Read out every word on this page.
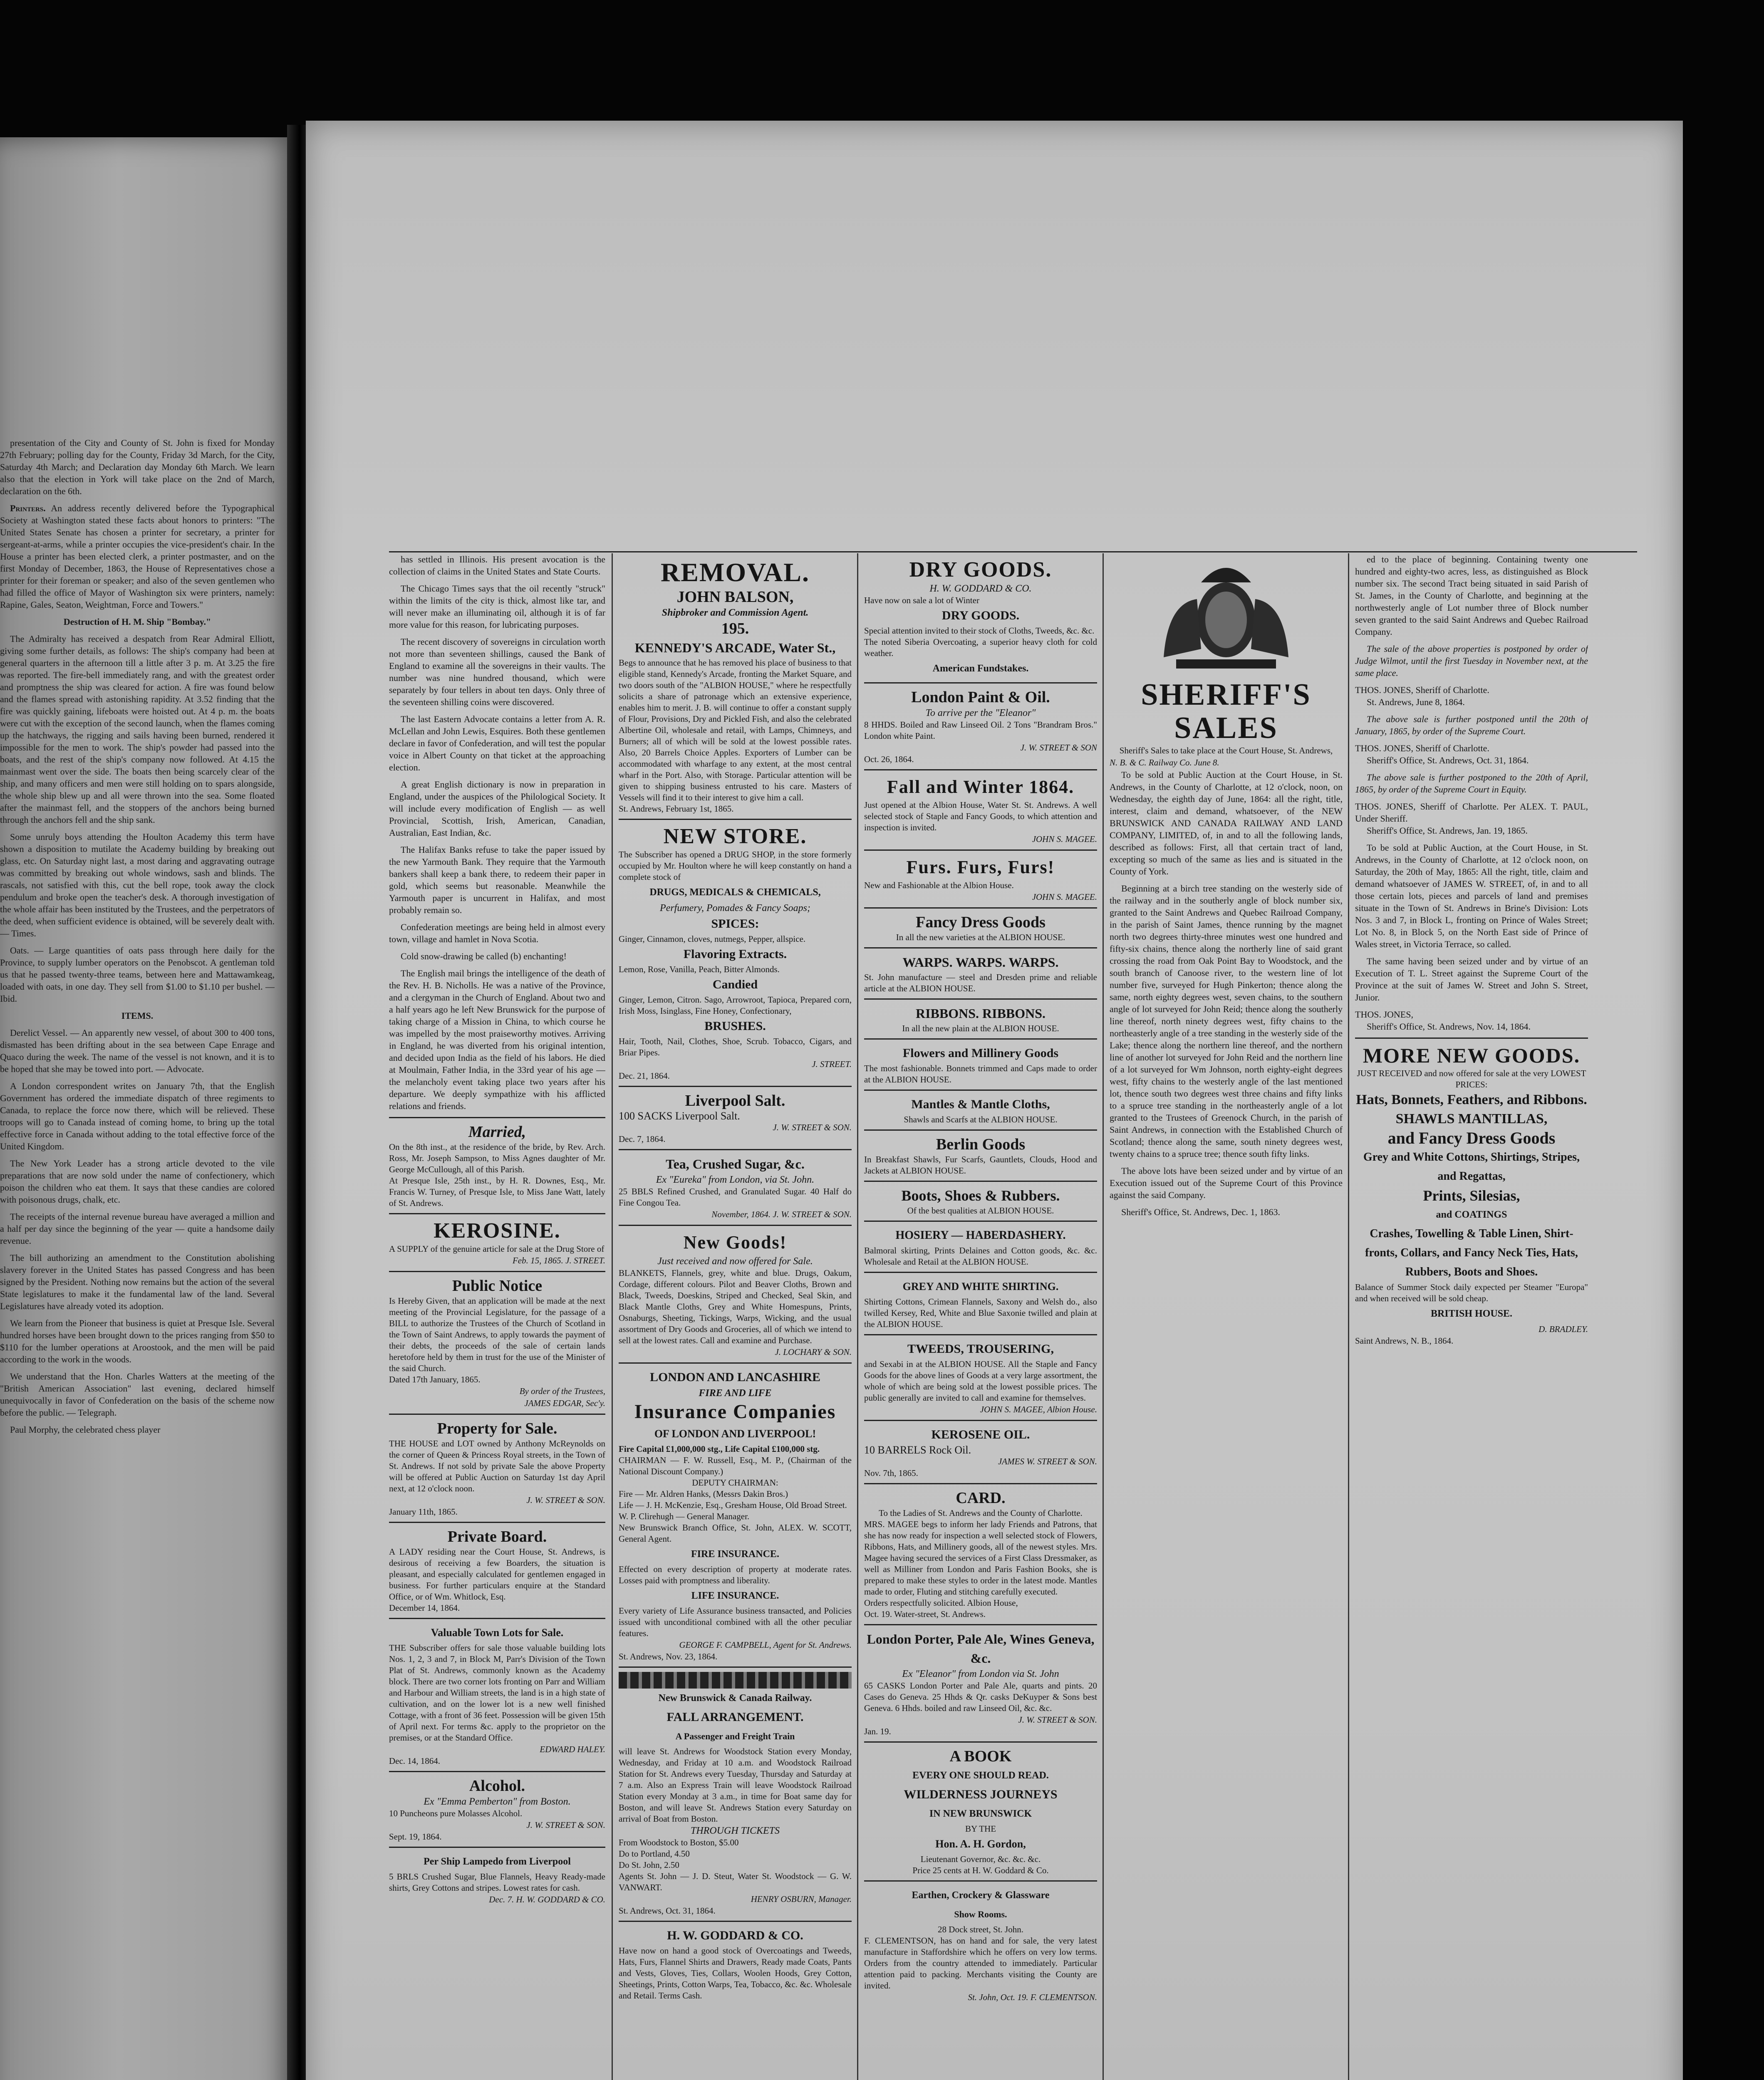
presentation of the City and County of St. John is fixed for Monday 27th February; polling day for the County, Friday 3d March, for the City, Saturday 4th March; and Declaration day Monday 6th March. We learn also that the election in York will take place on the 2nd of March, declaration on the 6th.

Printers. An address recently delivered before the Typographical Society at Washington stated these facts about honors to printers: "The United States Senate has chosen a printer for secretary, a printer for sergeant-at-arms, while a printer occupies the vice-president's chair. In the House a printer has been elected clerk, a printer postmaster, and on the first Monday of December, 1863, the House of Representatives chose a printer for their foreman or speaker; and also of the seven gentlemen who had filled the office of Mayor of Washington six were printers, namely: Rapine, Gales, Seaton, Weightman, Force and Towers."

Destruction of H. M. Ship "Bombay."

The Admiralty has received a despatch from Rear Admiral Elliott, giving some further details, as follows: The ship's company had been at general quarters in the afternoon till a little after 3 p. m. At 3.25 the fire was reported. The fire-bell immediately rang, and with the greatest order and promptness the ship was cleared for action. A fire was found below and the flames spread with astonishing rapidity. At 3.52 finding that the fire was quickly gaining, lifeboats were hoisted out. At 4 p. m. the boats were cut with the exception of the second launch, when the flames coming up the hatchways, the rigging and sails having been burned, rendered it impossible for the men to work. The ship's powder had passed into the boats, and the rest of the ship's company now followed. At 4.15 the mainmast went over the side. The boats then being scarcely clear of the ship, and many officers and men were still holding on to spars alongside, the whole ship blew up and all were thrown into the sea. Some floated after the mainmast fell, and the stoppers of the anchors being burned through the anchors fell and the ship sank.

Some unruly boys attending the Houlton Academy this term have shown a disposition to mutilate the Academy building by breaking out glass, etc. On Saturday night last, a most daring and aggravating outrage was committed by breaking out whole windows, sash and blinds. The rascals, not satisfied with this, cut the bell rope, took away the clock pendulum and broke open the teacher's desk. A thorough investigation of the whole affair has been instituted by the Trustees, and the perpetrators of the deed, when sufficient evidence is obtained, will be severely dealt with. — Times.

Oats. — Large quantities of oats pass through here daily for the Province, to supply lumber operators on the Penobscot. A gentleman told us that he passed twenty-three teams, between here and Mattawamkeag, loaded with oats, in one day. They sell from $1.00 to $1.10 per bushel. — Ibid.

ITEMS.

Derelict Vessel. — An apparently new vessel, of about 300 to 400 tons, dismasted has been drifting about in the sea between Cape Enrage and Quaco during the week. The name of the vessel is not known, and it is to be hoped that she may be towed into port. — Advocate.

A London correspondent writes on January 7th, that the English Government has ordered the immediate dispatch of three regiments to Canada, to replace the force now there, which will be relieved. These troops will go to Canada instead of coming home, to bring up the total effective force in Canada without adding to the total effective force of the United Kingdom.

The New York Leader has a strong article devoted to the vile preparations that are now sold under the name of confectionery, which poison the children who eat them. It says that these candies are colored with poisonous drugs, chalk, etc.

The receipts of the internal revenue bureau have averaged a million and a half per day since the beginning of the year — quite a handsome daily revenue.

The bill authorizing an amendment to the Constitution abolishing slavery forever in the United States has passed Congress and has been signed by the President. Nothing now remains but the action of the several State legislatures to make it the fundamental law of the land. Several Legislatures have already voted its adoption.

We learn from the Pioneer that business is quiet at Presque Isle. Several hundred horses have been brought down to the prices ranging from $50 to $110 for the lumber operations at Aroostook, and the men will be paid according to the work in the woods.

We understand that the Hon. Charles Watters at the meeting of the "British American Association" last evening, declared himself unequivocally in favor of Confederation on the basis of the scheme now before the public. — Telegraph.

Paul Morphy, the celebrated chess player

has settled in Illinois. His present avocation is the collection of claims in the United States and State Courts.

The Chicago Times says that the oil recently "struck" within the limits of the city is thick, almost like tar, and will never make an illuminating oil, although it is of far more value for this reason, for lubricating purposes.

The recent discovery of sovereigns in circulation worth not more than seventeen shillings, caused the Bank of England to examine all the sovereigns in their vaults. The number was nine hundred thousand, which were separately by four tellers in about ten days. Only three of the seventeen shilling coins were discovered.

The last Eastern Advocate contains a letter from A. R. McLellan and John Lewis, Esquires. Both these gentlemen declare in favor of Confederation, and will test the popular voice in Albert County on that ticket at the approaching election.

A great English dictionary is now in preparation in England, under the auspices of the Philological Society. It will include every modification of English — as well Provincial, Scottish, Irish, American, Canadian, Australian, East Indian, &c.

The Halifax Banks refuse to take the paper issued by the new Yarmouth Bank. They require that the Yarmouth bankers shall keep a bank there, to redeem their paper in gold, which seems but reasonable. Meanwhile the Yarmouth paper is uncurrent in Halifax, and most probably remain so.

Confederation meetings are being held in almost every town, village and hamlet in Nova Scotia.

Cold snow-drawing be called (b) enchanting!

The English mail brings the intelligence of the death of the Rev. H. B. Nicholls. He was a native of the Province, and a clergyman in the Church of England. About two and a half years ago he left New Brunswick for the purpose of taking charge of a Mission in China, to which course he was impelled by the most praiseworthy motives. Arriving in England, he was diverted from his original intention, and decided upon India as the field of his labors. He died at Moulmain, Father India, in the 33rd year of his age — the melancholy event taking place two years after his departure. We deeply sympathize with his afflicted relations and friends.

Married,
On the 8th inst., at the residence of the bride, by Rev. Arch. Ross, Mr. Joseph Sampson, to Miss Agnes daughter of Mr. George McCullough, all of this Parish.
At Presque Isle, 25th inst., by H. R. Downes, Esq., Mr. Francis W. Turney, of Presque Isle, to Miss Jane Watt, lately of St. Andrews.
KEROSINE.
A SUPPLY of the genuine article for sale at the Drug Store of
Feb. 15, 1865. J. STREET.
Public Notice
Is Hereby Given, that an application will be made at the next meeting of the Provincial Legislature, for the passage of a BILL to authorize the Trustees of the Church of Scotland in the Town of Saint Andrews, to apply towards the payment of their debts, the proceeds of the sale of certain lands heretofore held by them in trust for the use of the Minister of the said Church.
Dated 17th January, 1865.
By order of the Trustees,
JAMES EDGAR, Sec'y.
Property for Sale.
THE HOUSE and LOT owned by Anthony McReynolds on the corner of Queen & Princess Royal streets, in the Town of St. Andrews. If not sold by private Sale the above Property will be offered at Public Auction on Saturday 1st day April next, at 12 o'clock noon.
J. W. STREET & SON.
January 11th, 1865.
Private Board.
A LADY residing near the Court House, St. Andrews, is desirous of receiving a few Boarders, the situation is pleasant, and especially calculated for gentlemen engaged in business. For further particulars enquire at the Standard Office, or of Wm. Whitlock, Esq.
December 14, 1864.
Valuable Town Lots for Sale.
THE Subscriber offers for sale those valuable building lots Nos. 1, 2, 3 and 7, in Block M, Parr's Division of the Town Plat of St. Andrews, commonly known as the Academy block. There are two corner lots fronting on Parr and William and Harbour and William streets, the land is in a high state of cultivation, and on the lower lot is a new well finished Cottage, with a front of 36 feet. Possession will be given 15th of April next. For terms &c. apply to the proprietor on the premises, or at the Standard Office.
EDWARD HALEY.
Dec. 14, 1864.
Alcohol.
Ex "Emma Pemberton" from Boston.
10 Puncheons pure Molasses Alcohol.
J. W. STREET & SON.
Sept. 19, 1864.
Per Ship Lampedo from Liverpool
5 BRLS Crushed Sugar, Blue Flannels, Heavy Ready-made shirts, Grey Cottons and stripes. Lowest rates for cash.
Dec. 7. H. W. GODDARD & CO.
REMOVAL.
JOHN BALSON,
Shipbroker and Commission Agent.
195.
KENNEDY'S ARCADE, Water St.,
Begs to announce that he has removed his place of business to that eligible stand, Kennedy's Arcade, fronting the Market Square, and two doors south of the "ALBION HOUSE," where he respectfully solicits a share of patronage which an extensive experience, enables him to merit. J. B. will continue to offer a constant supply of Flour, Provisions, Dry and Pickled Fish, and also the celebrated Albertine Oil, wholesale and retail, with Lamps, Chimneys, and Burners; all of which will be sold at the lowest possible rates. Also, 20 Barrels Choice Apples. Exporters of Lumber can be accommodated with wharfage to any extent, at the most central wharf in the Port. Also, with Storage. Particular attention will be given to shipping business entrusted to his care. Masters of Vessels will find it to their interest to give him a call.
St. Andrews, February 1st, 1865.
NEW STORE.
The Subscriber has opened a DRUG SHOP, in the store formerly occupied by Mr. Houlton where he will keep constantly on hand a complete stock of
DRUGS, MEDICALS & CHEMICALS,
Perfumery, Pomades & Fancy Soaps;
SPICES:
Ginger, Cinnamon, cloves, nutmegs, Pepper, allspice.
Flavoring Extracts.
Lemon, Rose, Vanilla, Peach, Bitter Almonds.
Candied
Ginger, Lemon, Citron. Sago, Arrowroot, Tapioca, Prepared corn, Irish Moss, Isinglass, Fine Honey, Confectionary,
BRUSHES.
Hair, Tooth, Nail, Clothes, Shoe, Scrub. Tobacco, Cigars, and Briar Pipes.
J. STREET.
Dec. 21, 1864.
Liverpool Salt.
100 SACKS Liverpool Salt.
J. W. STREET & SON.
Dec. 7, 1864.
Tea, Crushed Sugar, &c.
Ex "Eureka" from London, via St. John.
25 BBLS Refined Crushed, and Granulated Sugar. 40 Half do Fine Congou Tea.
November, 1864. J. W. STREET & SON.
New Goods!
Just received and now offered for Sale.
BLANKETS, Flannels, grey, white and blue. Drugs, Oakum, Cordage, different colours. Pilot and Beaver Cloths, Brown and Black, Tweeds, Doeskins, Striped and Checked, Seal Skin, and Black Mantle Cloths, Grey and White Homespuns, Prints, Osnaburgs, Sheeting, Tickings, Warps, Wicking, and the usual assortment of Dry Goods and Groceries, all of which we intend to sell at the lowest rates. Call and examine and Purchase.
J. LOCHARY & SON.
LONDON AND LANCASHIRE
FIRE AND LIFE
Insurance Companies
OF LONDON AND LIVERPOOL!
Fire Capital £1,000,000 stg., Life Capital £100,000 stg.
CHAIRMAN — F. W. Russell, Esq., M. P., (Chairman of the National Discount Company.)
DEPUTY CHAIRMAN:
Fire — Mr. Aldren Hanks, (Messrs Dakin Bros.)
Life — J. H. McKenzie, Esq., Gresham House, Old Broad Street.
W. P. Clirehugh — General Manager.
New Brunswick Branch Office, St. John, ALEX. W. SCOTT, General Agent.
FIRE INSURANCE.
Effected on every description of property at moderate rates. Losses paid with promptness and liberality.
LIFE INSURANCE.
Every variety of Life Assurance business transacted, and Policies issued with unconditional combined with all the other peculiar features.
GEORGE F. CAMPBELL, Agent for St. Andrews.
St. Andrews, Nov. 23, 1864.
New Brunswick & Canada Railway.
FALL ARRANGEMENT.
A Passenger and Freight Train
will leave St. Andrews for Woodstock Station every Monday, Wednesday, and Friday at 10 a.m. and Woodstock Railroad Station for St. Andrews every Tuesday, Thursday and Saturday at 7 a.m. Also an Express Train will leave Woodstock Railroad Station every Monday at 3 a.m., in time for Boat same day for Boston, and will leave St. Andrews Station every Saturday on arrival of Boat from Boston.
THROUGH TICKETS
From Woodstock to Boston, $5.00
Do to Portland, 4.50
Do St. John, 2.50
Agents St. John — J. D. Steut, Water St. Woodstock — G. W. VANWART.
HENRY OSBURN, Manager.
St. Andrews, Oct. 31, 1864.
H. W. GODDARD & CO.
Have now on hand a good stock of Overcoatings and Tweeds, Hats, Furs, Flannel Shirts and Drawers, Ready made Coats, Pants and Vests, Gloves, Ties, Collars, Woolen Hoods, Grey Cotton, Sheetings, Prints, Cotton Warps, Tea, Tobacco, &c. &c. Wholesale and Retail. Terms Cash.
DRY GOODS.
H. W. GODDARD & CO.
Have now on sale a lot of Winter
DRY GOODS.
Special attention invited to their stock of Cloths, Tweeds, &c. &c.
The noted Siberia Overcoating, a superior heavy cloth for cold weather.
American Fundstakes.
London Paint & Oil.
To arrive per the "Eleanor"
8 HHDS. Boiled and Raw Linseed Oil. 2 Tons "Brandram Bros." London white Paint.
J. W. STREET & SON
Oct. 26, 1864.
Fall and Winter 1864.
Just opened at the Albion House, Water St. St. Andrews. A well selected stock of Staple and Fancy Goods, to which attention and inspection is invited.
JOHN S. MAGEE.
Furs. Furs, Furs!
New and Fashionable at the Albion House.
JOHN S. MAGEE.
Fancy Dress Goods
In all the new varieties at the ALBION HOUSE.
WARPS. WARPS. WARPS.
St. John manufacture — steel and Dresden prime and reliable article at the ALBION HOUSE.
RIBBONS. RIBBONS.
In all the new plain at the ALBION HOUSE.
Flowers and Millinery Goods
The most fashionable. Bonnets trimmed and Caps made to order at the ALBION HOUSE.
Mantles & Mantle Cloths,
Shawls and Scarfs at the ALBION HOUSE.
Berlin Goods
In Breakfast Shawls, Fur Scarfs, Gauntlets, Clouds, Hood and Jackets at ALBION HOUSE.
Boots, Shoes & Rubbers.
Of the best qualities at ALBION HOUSE.
HOSIERY — HABERDASHERY.
Balmoral skirting, Prints Delaines and Cotton goods, &c. &c. Wholesale and Retail at the ALBION HOUSE.
GREY AND WHITE SHIRTING.
Shirting Cottons, Crimean Flannels, Saxony and Welsh do., also twilled Kersey, Red, White and Blue Saxonie twilled and plain at the ALBION HOUSE.
TWEEDS, TROUSERING,
and Sexabi in at the ALBION HOUSE. All the Staple and Fancy Goods for the above lines of Goods at a very large assortment, the whole of which are being sold at the lowest possible prices. The public generally are invited to call and examine for themselves.
JOHN S. MAGEE, Albion House.
KEROSENE OIL.
10 BARRELS Rock Oil.
JAMES W. STREET & SON.
Nov. 7th, 1865.
CARD.
To the Ladies of St. Andrews and the County of Charlotte.
MRS. MAGEE begs to inform her lady Friends and Patrons, that she has now ready for inspection a well selected stock of Flowers, Ribbons, Hats, and Millinery goods, all of the newest styles. Mrs. Magee having secured the services of a First Class Dressmaker, as well as Milliner from London and Paris Fashion Books, she is prepared to make these styles to order in the latest mode. Mantles made to order, Fluting and stitching carefully executed.
Orders respectfully solicited. Albion House,
Oct. 19. Water-street, St. Andrews.
London Porter, Pale Ale, Wines Geneva, &c.
Ex "Eleanor" from London via St. John
65 CASKS London Porter and Pale Ale, quarts and pints. 20 Cases do Geneva. 25 Hhds & Qr. casks DeKuyper & Sons best Geneva. 6 Hhds. boiled and raw Linseed Oil, &c. &c.
J. W. STREET & SON.
Jan. 19.
A BOOK
EVERY ONE SHOULD READ.
WILDERNESS JOURNEYS
IN NEW BRUNSWICK
BY THE
Hon. A. H. Gordon,
Lieutenant Governor, &c. &c. &c.
Price 25 cents at H. W. Goddard & Co.
Earthen, Crockery & Glassware
Show Rooms.
28 Dock street, St. John.
F. CLEMENTSON, has on hand and for sale, the very latest manufacture in Staffordshire which he offers on very low terms. Orders from the country attended to immediately. Particular attention paid to packing. Merchants visiting the County are invited.
St. John, Oct. 19. F. CLEMENTSON.
SHERIFF'S SALES
Sheriff's Sales to take place at the Court House, St. Andrews,
N. B. & C. Railway Co. June 8.

To be sold at Public Auction at the Court House, in St. Andrews, in the County of Charlotte, at 12 o'clock, noon, on Wednesday, the eighth day of June, 1864: all the right, title, interest, claim and demand, whatsoever, of the NEW BRUNSWICK AND CANADA RAILWAY AND LAND COMPANY, LIMITED, of, in and to all the following lands, described as follows: First, all that certain tract of land, excepting so much of the same as lies and is situated in the County of York.

Beginning at a birch tree standing on the westerly side of the railway and in the southerly angle of block number six, granted to the Saint Andrews and Quebec Railroad Company, in the parish of Saint James, thence running by the magnet north two degrees thirty-three minutes west one hundred and fifty-six chains, thence along the northerly line of said grant crossing the road from Oak Point Bay to Woodstock, and the south branch of Canoose river, to the western line of lot number five, surveyed for Hugh Pinkerton; thence along the same, north eighty degrees west, seven chains, to the southern angle of lot surveyed for John Reid; thence along the southerly line thereof, north ninety degrees west, fifty chains to the northeasterly angle of a tree standing in the westerly side of the Lake; thence along the northern line thereof, and the northern line of another lot surveyed for John Reid and the northern line of a lot surveyed for Wm Johnson, north eighty-eight degrees west, fifty chains to the westerly angle of the last mentioned lot, thence south two degrees west three chains and fifty links to a spruce tree standing in the northeasterly angle of a lot granted to the Trustees of Greenock Church, in the parish of Saint Andrews, in connection with the Established Church of Scotland; thence along the same, south ninety degrees west, twenty chains to a spruce tree; thence south fifty links.

The above lots have been seized under and by virtue of an Execution issued out of the Supreme Court of this Province against the said Company.

Sheriff's Office, St. Andrews, Dec. 1, 1863.

ed to the place of beginning. Containing twenty one hundred and eighty-two acres, less, as distinguished as Block number six. The second Tract being situated in said Parish of St. James, in the County of Charlotte, and beginning at the northwesterly angle of Lot number three of Block number seven granted to the said Saint Andrews and Quebec Railroad Company.

The sale of the above properties is postponed by order of Judge Wilmot, until the first Tuesday in November next, at the same place.

THOS. JONES, Sheriff of Charlotte.

St. Andrews, June 8, 1864.

The above sale is further postponed until the 20th of January, 1865, by order of the Supreme Court.

THOS. JONES, Sheriff of Charlotte.

Sheriff's Office, St. Andrews, Oct. 31, 1864.

The above sale is further postponed to the 20th of April, 1865, by order of the Supreme Court in Equity.

THOS. JONES, Sheriff of Charlotte. Per ALEX. T. PAUL, Under Sheriff.

Sheriff's Office, St. Andrews, Jan. 19, 1865.

To be sold at Public Auction, at the Court House, in St. Andrews, in the County of Charlotte, at 12 o'clock noon, on Saturday, the 20th of May, 1865: All the right, title, claim and demand whatsoever of JAMES W. STREET, of, in and to all those certain lots, pieces and parcels of land and premises situate in the Town of St. Andrews in Brine's Division: Lots Nos. 3 and 7, in Block L, fronting on Prince of Wales Street; Lot No. 8, in Block 5, on the North East side of Prince of Wales street, in Victoria Terrace, so called.

The same having been seized under and by virtue of an Execution of T. L. Street against the Supreme Court of the Province at the suit of James W. Street and John S. Street, Junior.

THOS. JONES,

Sheriff's Office, St. Andrews, Nov. 14, 1864.

MORE NEW GOODS.
JUST RECEIVED and now offered for sale at the very LOWEST PRICES:
Hats, Bonnets, Feathers, and Ribbons.
SHAWLS MANTILLAS,
and Fancy Dress Goods
Grey and White Cottons, Shirtings, Stripes, and Regattas,
Prints, Silesias,
and COATINGS
Crashes, Towelling & Table Linen, Shirt-fronts, Collars, and Fancy Neck Ties, Hats, Rubbers, Boots and Shoes.
Balance of Summer Stock daily expected per Steamer "Europa" and when received will be sold cheap.
BRITISH HOUSE.
D. BRADLEY.
Saint Andrews, N. B., 1864.
